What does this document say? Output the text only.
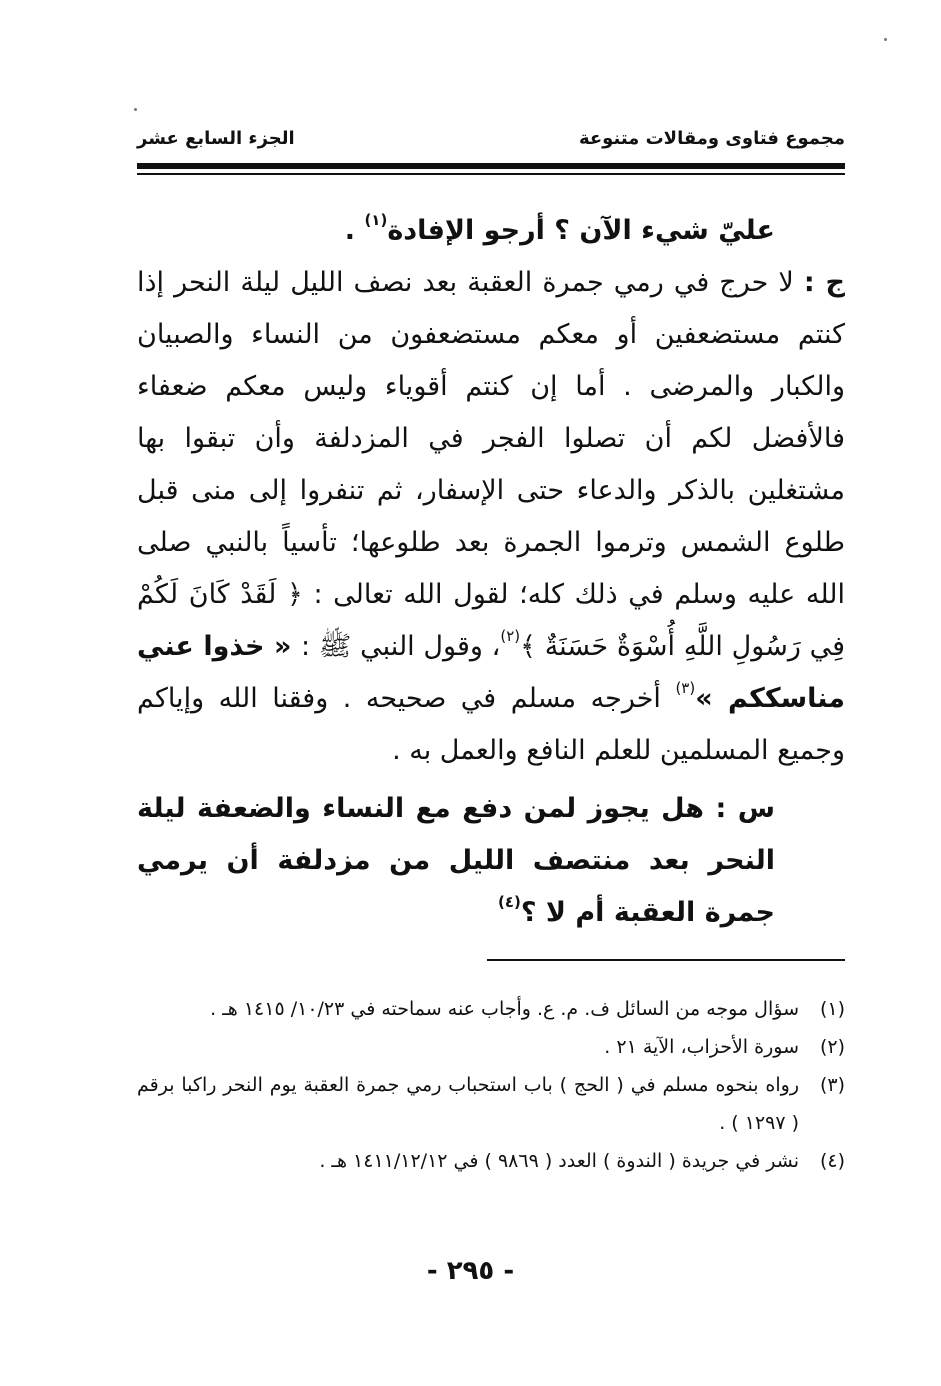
مجموع فتاوى ومقالات متنوعة
الجزء السابع عشر

عليّ شيء الآن ؟ أرجو الإفادة$^{(١)}$ .

ج : لا حرج في رمي جمرة العقبة بعد نصف الليل ليلة النحر إذا كنتم مستضعفين أو معكم مستضعفون من النساء والصبيان والكبار والمرضى . أما إن كنتم أقوياء وليس معكم ضعفاء فالأفضل لكم أن تصلوا الفجر في المزدلفة وأن تبقوا بها مشتغلين بالذكر والدعاء حتى الإسفار، ثم تنفروا إلى منى قبل طلوع الشمس وترموا الجمرة بعد طلوعها؛ تأسياً بالنبي صلى الله عليه وسلم في ذلك كله؛ لقول الله تعالى : ﴿ لَقَدْ كَانَ لَكُمْ فِي رَسُولِ اللَّهِ أُسْوَةٌ حَسَنَةٌ ﴾$^{(٢)}$، وقول النبي ﷺ : « خذوا عني مناسككم »$^{(٣)}$ أخرجه مسلم في صحيحه . وفقنا الله وإياكم وجميع المسلمين للعلم النافع والعمل به .

س : هل يجوز لمن دفع مع النساء والضعفة ليلة النحر بعد منتصف الليل من مزدلفة أن يرمي جمرة العقبة أم لا ؟$^{(٤)}$

(١)
سؤال موجه من السائل ف. م. ع. وأجاب عنه سماحته في ١٠/٢٣/ ١٤١٥ هـ .
(٢)
سورة الأحزاب، الآية ٢١ .
(٣)
رواه بنحوه مسلم في ( الحج ) باب استحباب رمي جمرة العقبة يوم النحر راكبا برقم ( ١٢٩٧ ) .
(٤)
نشر في جريدة ( الندوة ) العدد ( ٩٨٦٩ ) في ١٤١١/١٢/١٢ هـ .
- ٢٩٥ -
